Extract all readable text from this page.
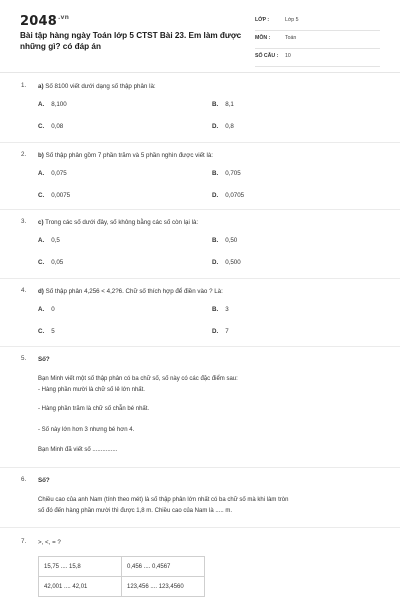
$2048^{.vn}$
Bài tập hàng ngày Toán lớp 5 CTST Bài 23. Em làm được những gì? có đáp án
LỚP :	Lớp 5
MÔN :	Toán
SỐ CÂU : 10
1. a) Số 8100 viết dưới dạng số thập phân là:
A. 8,100	B. 8,1
C. 0,08	D. 0,8
2. b) Số thập phân gồm 7 phần trăm và 5 phần nghìn được viết là:
A. 0,075	B. 0,705
C. 0,0075	D. 0,0705
3. c) Trong các số dưới đây, số không bằng các số còn lại là:
A. 0,5	B. 0,50
C. 0,05	D. 0,500
4. d) Số thập phân 4,256 < 4,2?6. Chữ số thích hợp để điền vào ? Là:
A. 0	B. 3
C. 5	D. 7
5. Số?
Bạn Minh viết một số thập phân có ba chữ số, số này có các đặc điểm sau:
- Hàng phần mười là chữ số lẻ lớn nhất.
- Hàng phần trăm là chữ số chẵn bé nhất.
- Số này lớn hơn 3 nhưng bé hơn 4.
Bạn Minh đã viết số ...............
6. Số?
Chiều cao của anh Nam (tính theo mét) là số thập phân lớn nhất có ba chữ số mà khi làm tròn
số đó đến hàng phần mười thì được 1,8 m. Chiều cao của Nam là ..... m.
7. >, <, = ?
15,75 .... 15,8	0,456 .... 0,4567
42,001 .... 42,01	123,456 .... 123,4560
